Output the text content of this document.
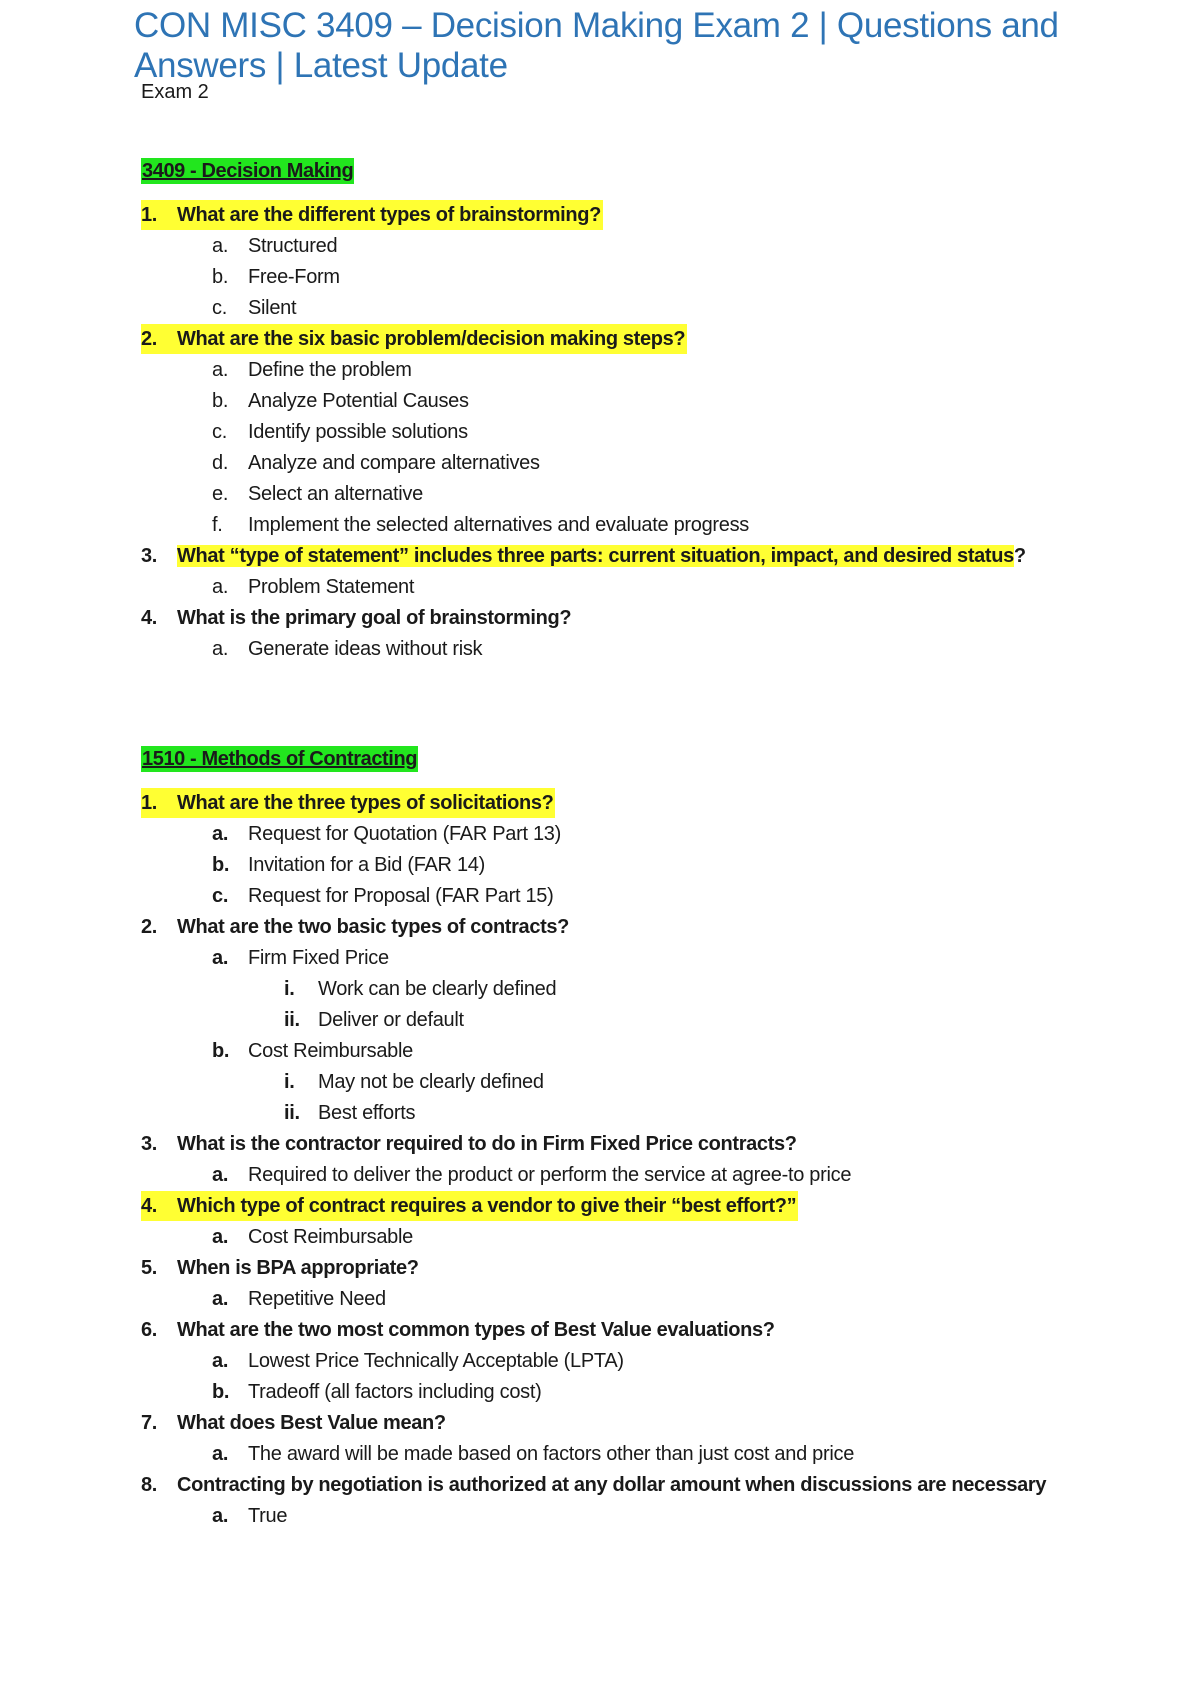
CON MISC 3409 – Decision Making Exam 2 | Questions and Answers | Latest Update
Exam 2
3409 - Decision Making
1. What are the different types of brainstorming?
a. Structured
b. Free-Form
c. Silent
2. What are the six basic problem/decision making steps?
a. Define the problem
b. Analyze Potential Causes
c. Identify possible solutions
d. Analyze and compare alternatives
e. Select an alternative
f. Implement the selected alternatives and evaluate progress
3. What “type of statement” includes three parts: current situation, impact, and desired status?
a. Problem Statement
4. What is the primary goal of brainstorming?
a. Generate ideas without risk
1510 - Methods of Contracting
1. What are the three types of solicitations?
a. Request for Quotation (FAR Part 13)
b. Invitation for a Bid (FAR 14)
c. Request for Proposal (FAR Part 15)
2. What are the two basic types of contracts?
a. Firm Fixed Price
i. Work can be clearly defined
ii. Deliver or default
b. Cost Reimbursable
i. May not be clearly defined
ii. Best efforts
3. What is the contractor required to do in Firm Fixed Price contracts?
a. Required to deliver the product or perform the service at agree-to price
4. Which type of contract requires a vendor to give their “best effort?”
a. Cost Reimbursable
5. When is BPA appropriate?
a. Repetitive Need
6. What are the two most common types of Best Value evaluations?
a. Lowest Price Technically Acceptable (LPTA)
b. Tradeoff (all factors including cost)
7. What does Best Value mean?
a. The award will be made based on factors other than just cost and price
8. Contracting by negotiation is authorized at any dollar amount when discussions are necessary
a. True
